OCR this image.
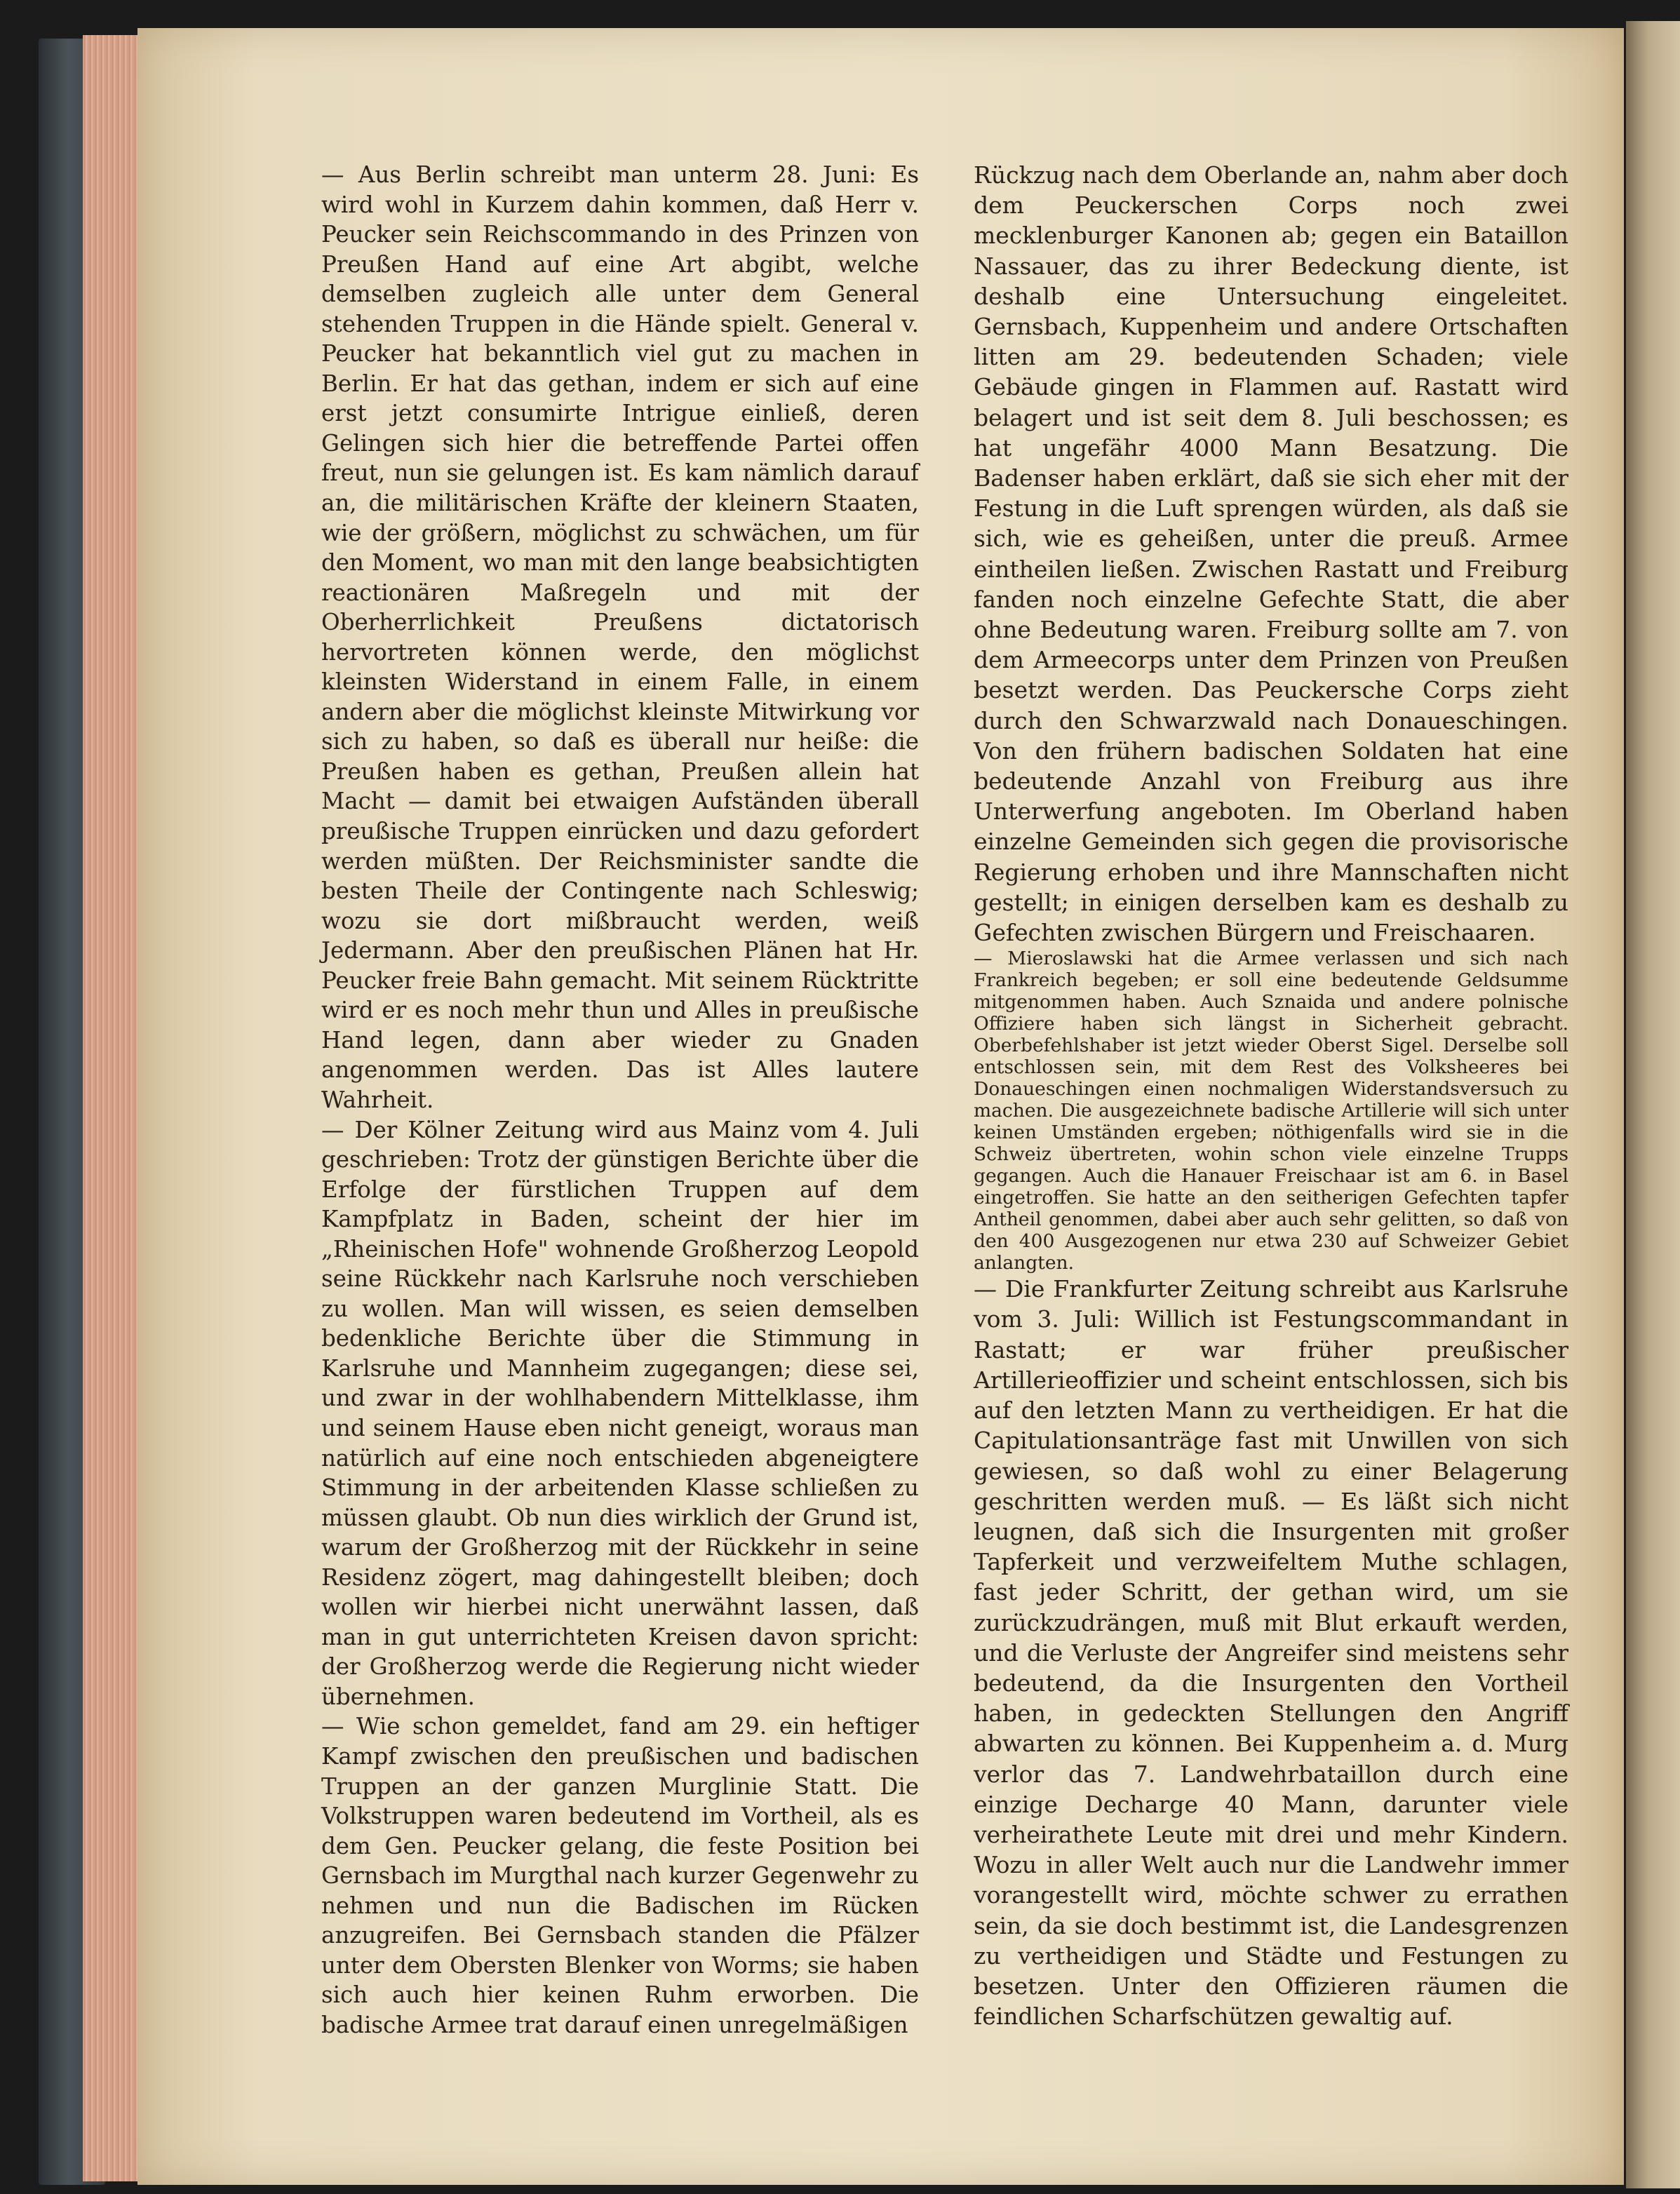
— Aus Berlin schreibt man unterm 28. Juni: Es wird wohl in Kurzem dahin kommen, daß Herr v. Peucker sein Reichscommando in des Prinzen von Preußen Hand auf eine Art abgibt, welche demselben zugleich alle unter dem General stehenden Truppen in die Hände spielt. General v. Peucker hat bekanntlich viel gut zu machen in Berlin. Er hat das gethan, indem er sich auf eine erst jetzt consumirte Intrigue einließ, deren Gelingen sich hier die betreffende Partei offen freut, nun sie gelungen ist. Es kam nämlich darauf an, die militärischen Kräfte der kleinern Staaten, wie der größern, möglichst zu schwächen, um für den Moment, wo man mit den lange beabsichtigten reactionären Maßregeln und mit der Oberherrlichkeit Preußens dictatorisch hervortreten können werde, den möglichst kleinsten Widerstand in einem Falle, in einem andern aber die möglichst kleinste Mitwirkung vor sich zu haben, so daß es überall nur heiße: die Preußen haben es gethan, Preußen allein hat Macht — damit bei etwaigen Aufständen überall preußische Truppen einrücken und dazu gefordert werden müßten. Der Reichsminister sandte die besten Theile der Contingente nach Schleswig; wozu sie dort mißbraucht werden, weiß Jedermann. Aber den preußischen Plänen hat Hr. Peucker freie Bahn gemacht. Mit seinem Rücktritte wird er es noch mehr thun und Alles in preußische Hand legen, dann aber wieder zu Gnaden angenommen werden. Das ist Alles lautere Wahrheit.

— Der Kölner Zeitung wird aus Mainz vom 4. Juli geschrieben: Trotz der günstigen Berichte über die Erfolge der fürstlichen Truppen auf dem Kampfplatz in Baden, scheint der hier im „Rheinischen Hofe" wohnende Großherzog Leopold seine Rückkehr nach Karlsruhe noch verschieben zu wollen. Man will wissen, es seien demselben bedenkliche Berichte über die Stimmung in Karlsruhe und Mannheim zugegangen; diese sei, und zwar in der wohlhabendern Mittelklasse, ihm und seinem Hause eben nicht geneigt, woraus man natürlich auf eine noch entschieden abgeneigtere Stimmung in der arbeitenden Klasse schließen zu müssen glaubt. Ob nun dies wirklich der Grund ist, warum der Großherzog mit der Rückkehr in seine Residenz zögert, mag dahingestellt bleiben; doch wollen wir hierbei nicht unerwähnt lassen, daß man in gut unterrichteten Kreisen davon spricht: der Großherzog werde die Regierung nicht wieder übernehmen.

— Wie schon gemeldet, fand am 29. ein heftiger Kampf zwischen den preußischen und badischen Truppen an der ganzen Murglinie Statt. Die Volkstruppen waren bedeutend im Vortheil, als es dem Gen. Peucker gelang, die feste Position bei Gernsbach im Murgthal nach kurzer Gegenwehr zu nehmen und nun die Badischen im Rücken anzugreifen. Bei Gernsbach standen die Pfälzer unter dem Obersten Blenker von Worms; sie haben sich auch hier keinen Ruhm erworben. Die badische Armee trat darauf einen unregelmäßigen

Rückzug nach dem Oberlande an, nahm aber doch dem Peuckerschen Corps noch zwei mecklenburger Kanonen ab; gegen ein Bataillon Nassauer, das zu ihrer Bedeckung diente, ist deshalb eine Untersuchung eingeleitet. Gernsbach, Kuppenheim und andere Ortschaften litten am 29. bedeutenden Schaden; viele Gebäude gingen in Flammen auf. Rastatt wird belagert und ist seit dem 8. Juli beschossen; es hat ungefähr 4000 Mann Besatzung. Die Badenser haben erklärt, daß sie sich eher mit der Festung in die Luft sprengen würden, als daß sie sich, wie es geheißen, unter die preuß. Armee eintheilen ließen. Zwischen Rastatt und Freiburg fanden noch einzelne Gefechte Statt, die aber ohne Bedeutung waren. Freiburg sollte am 7. von dem Armeecorps unter dem Prinzen von Preußen besetzt werden. Das Peuckersche Corps zieht durch den Schwarzwald nach Donaueschingen. Von den frühern badischen Soldaten hat eine bedeutende Anzahl von Freiburg aus ihre Unterwerfung angeboten. Im Oberland haben einzelne Gemeinden sich gegen die provisorische Regierung erhoben und ihre Mannschaften nicht gestellt; in einigen derselben kam es deshalb zu Gefechten zwischen Bürgern und Freischaaren.

— Mieroslawski hat die Armee verlassen und sich nach Frankreich begeben; er soll eine bedeutende Geldsumme mitgenommen haben. Auch Sznaida und andere polnische Offiziere haben sich längst in Sicherheit gebracht. Oberbefehlshaber ist jetzt wieder Oberst Sigel. Derselbe soll entschlossen sein, mit dem Rest des Volksheeres bei Donaueschingen einen nochmaligen Widerstandsversuch zu machen. Die ausgezeichnete badische Artillerie will sich unter keinen Umständen ergeben; nöthigenfalls wird sie in die Schweiz übertreten, wohin schon viele einzelne Trupps gegangen. Auch die Hanauer Freischaar ist am 6. in Basel eingetroffen. Sie hatte an den seitherigen Gefechten tapfer Antheil genommen, dabei aber auch sehr gelitten, so daß von den 400 Ausgezogenen nur etwa 230 auf Schweizer Gebiet anlangten.

— Die Frankfurter Zeitung schreibt aus Karlsruhe vom 3. Juli: Willich ist Festungscommandant in Rastatt; er war früher preußischer Artillerieoffizier und scheint entschlossen, sich bis auf den letzten Mann zu vertheidigen. Er hat die Capitulationsanträge fast mit Unwillen von sich gewiesen, so daß wohl zu einer Belagerung geschritten werden muß. — Es läßt sich nicht leugnen, daß sich die Insurgenten mit großer Tapferkeit und verzweifeltem Muthe schlagen, fast jeder Schritt, der gethan wird, um sie zurückzudrängen, muß mit Blut erkauft werden, und die Verluste der Angreifer sind meistens sehr bedeutend, da die Insurgenten den Vortheil haben, in gedeckten Stellungen den Angriff abwarten zu können. Bei Kuppenheim a. d. Murg verlor das 7. Landwehrbataillon durch eine einzige Decharge 40 Mann, darunter viele verheirathete Leute mit drei und mehr Kindern. Wozu in aller Welt auch nur die Landwehr immer vorangestellt wird, möchte schwer zu errathen sein, da sie doch bestimmt ist, die Landesgrenzen zu vertheidigen und Städte und Festungen zu besetzen. Unter den Offizieren räumen die feindlichen Scharfschützen gewaltig auf.
